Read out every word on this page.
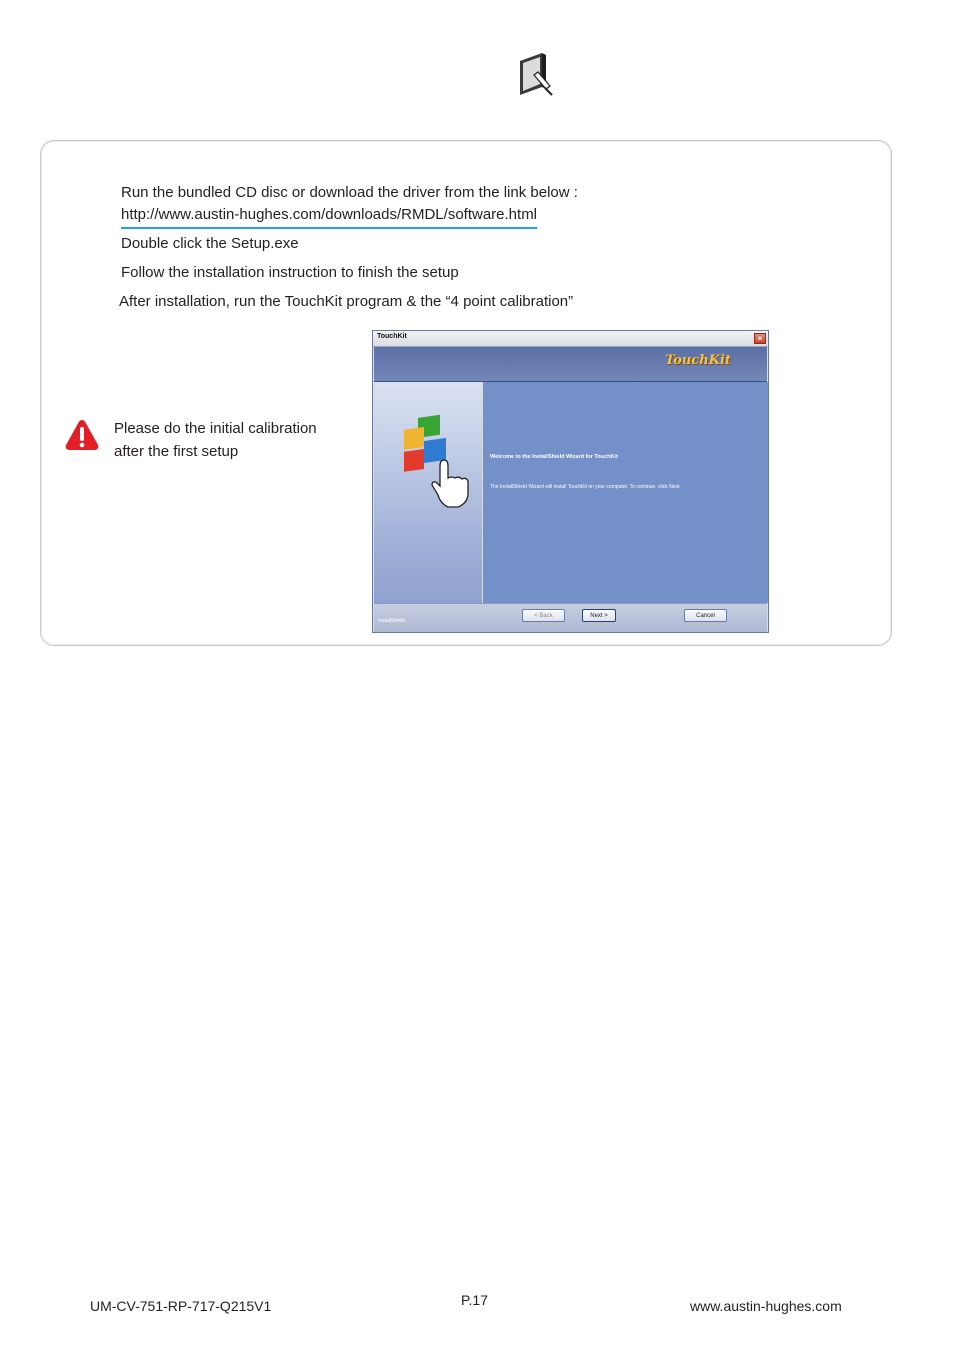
Run the bundled CD disc or download the driver from the link below :
http://www.austin-hughes.com/downloads/RMDL/software.html
Double click the Setup.exe
Follow the installation instruction to finish the setup
After installation, run the TouchKit program & the “4 point calibration”
Please do the initial calibration
after the first setup
TouchKit	×
TouchKit
Welcome to the InstallShield Wizard for TouchKit
The InstallShield Wizard will install TouchKit on your computer. To continue, click Next.
InstallShield
< Back	Next >	Cancel
UM-CV-751-RP-717-Q215V1	P.17	www.austin-hughes.com
